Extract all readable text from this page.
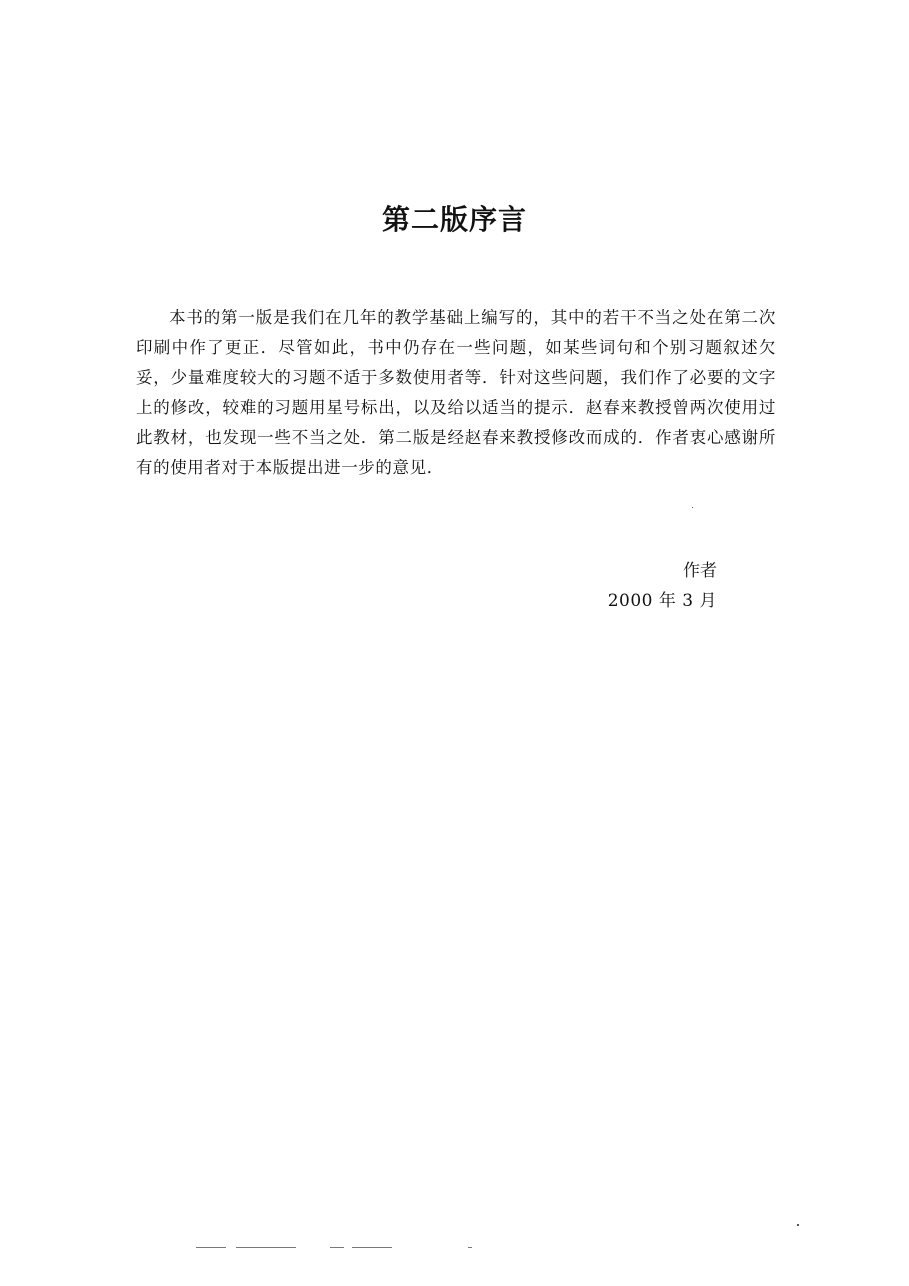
第二版序言

本书的第一版是我们在几年的教学基础上编写的，其中的若干不当之处在第二次印刷中作了更正．尽管如此，书中仍存在一些问题，如某些词句和个别习题叙述欠妥，少量难度较大的习题不适于多数使用者等．针对这些问题，我们作了必要的文字上的修改，较难的习题用星号标出，以及给以适当的提示．赵春来教授曾两次使用过此教材，也发现一些不当之处．第二版是经赵春来教授修改而成的．作者衷心感谢所有的使用者对于本版提出进一步的意见．

作者
2000 年 3 月
